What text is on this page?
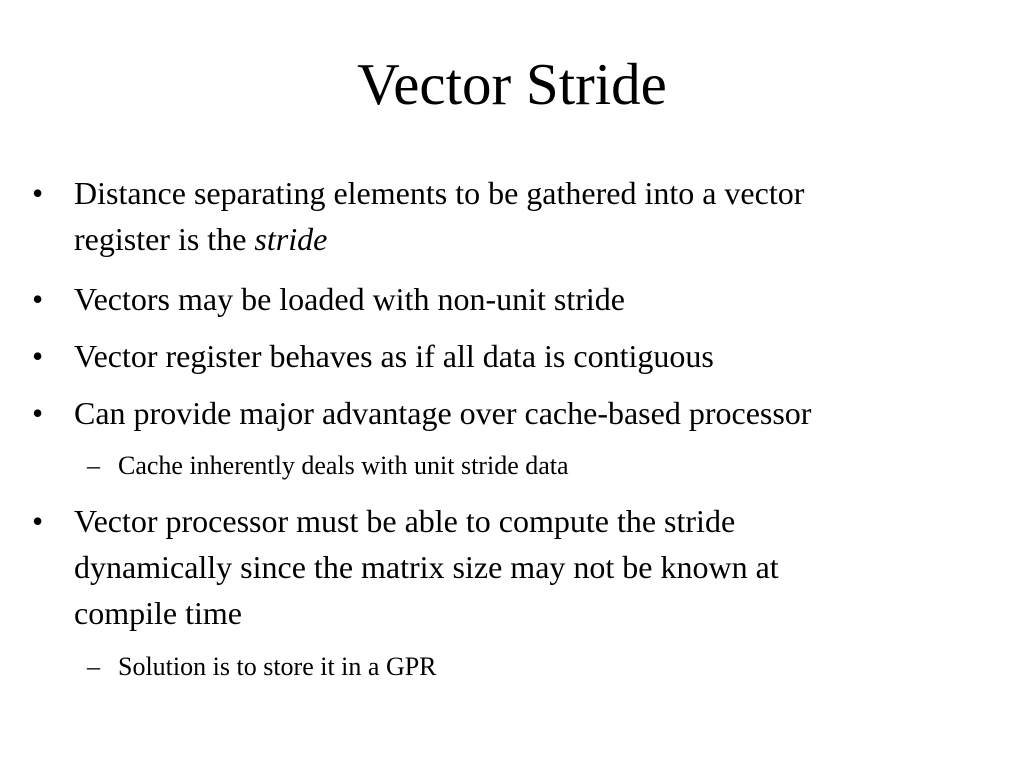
Vector Stride
• Distance separating elements to be gathered into a vector
register is the stride
• Vectors may be loaded with non-unit stride
• Vector register behaves as if all data is contiguous
• Can provide major advantage over cache-based processor
– Cache inherently deals with unit stride data
• Vector processor must be able to compute the stride
dynamically since the matrix size may not be known at
compile time
– Solution is to store it in a GPR
